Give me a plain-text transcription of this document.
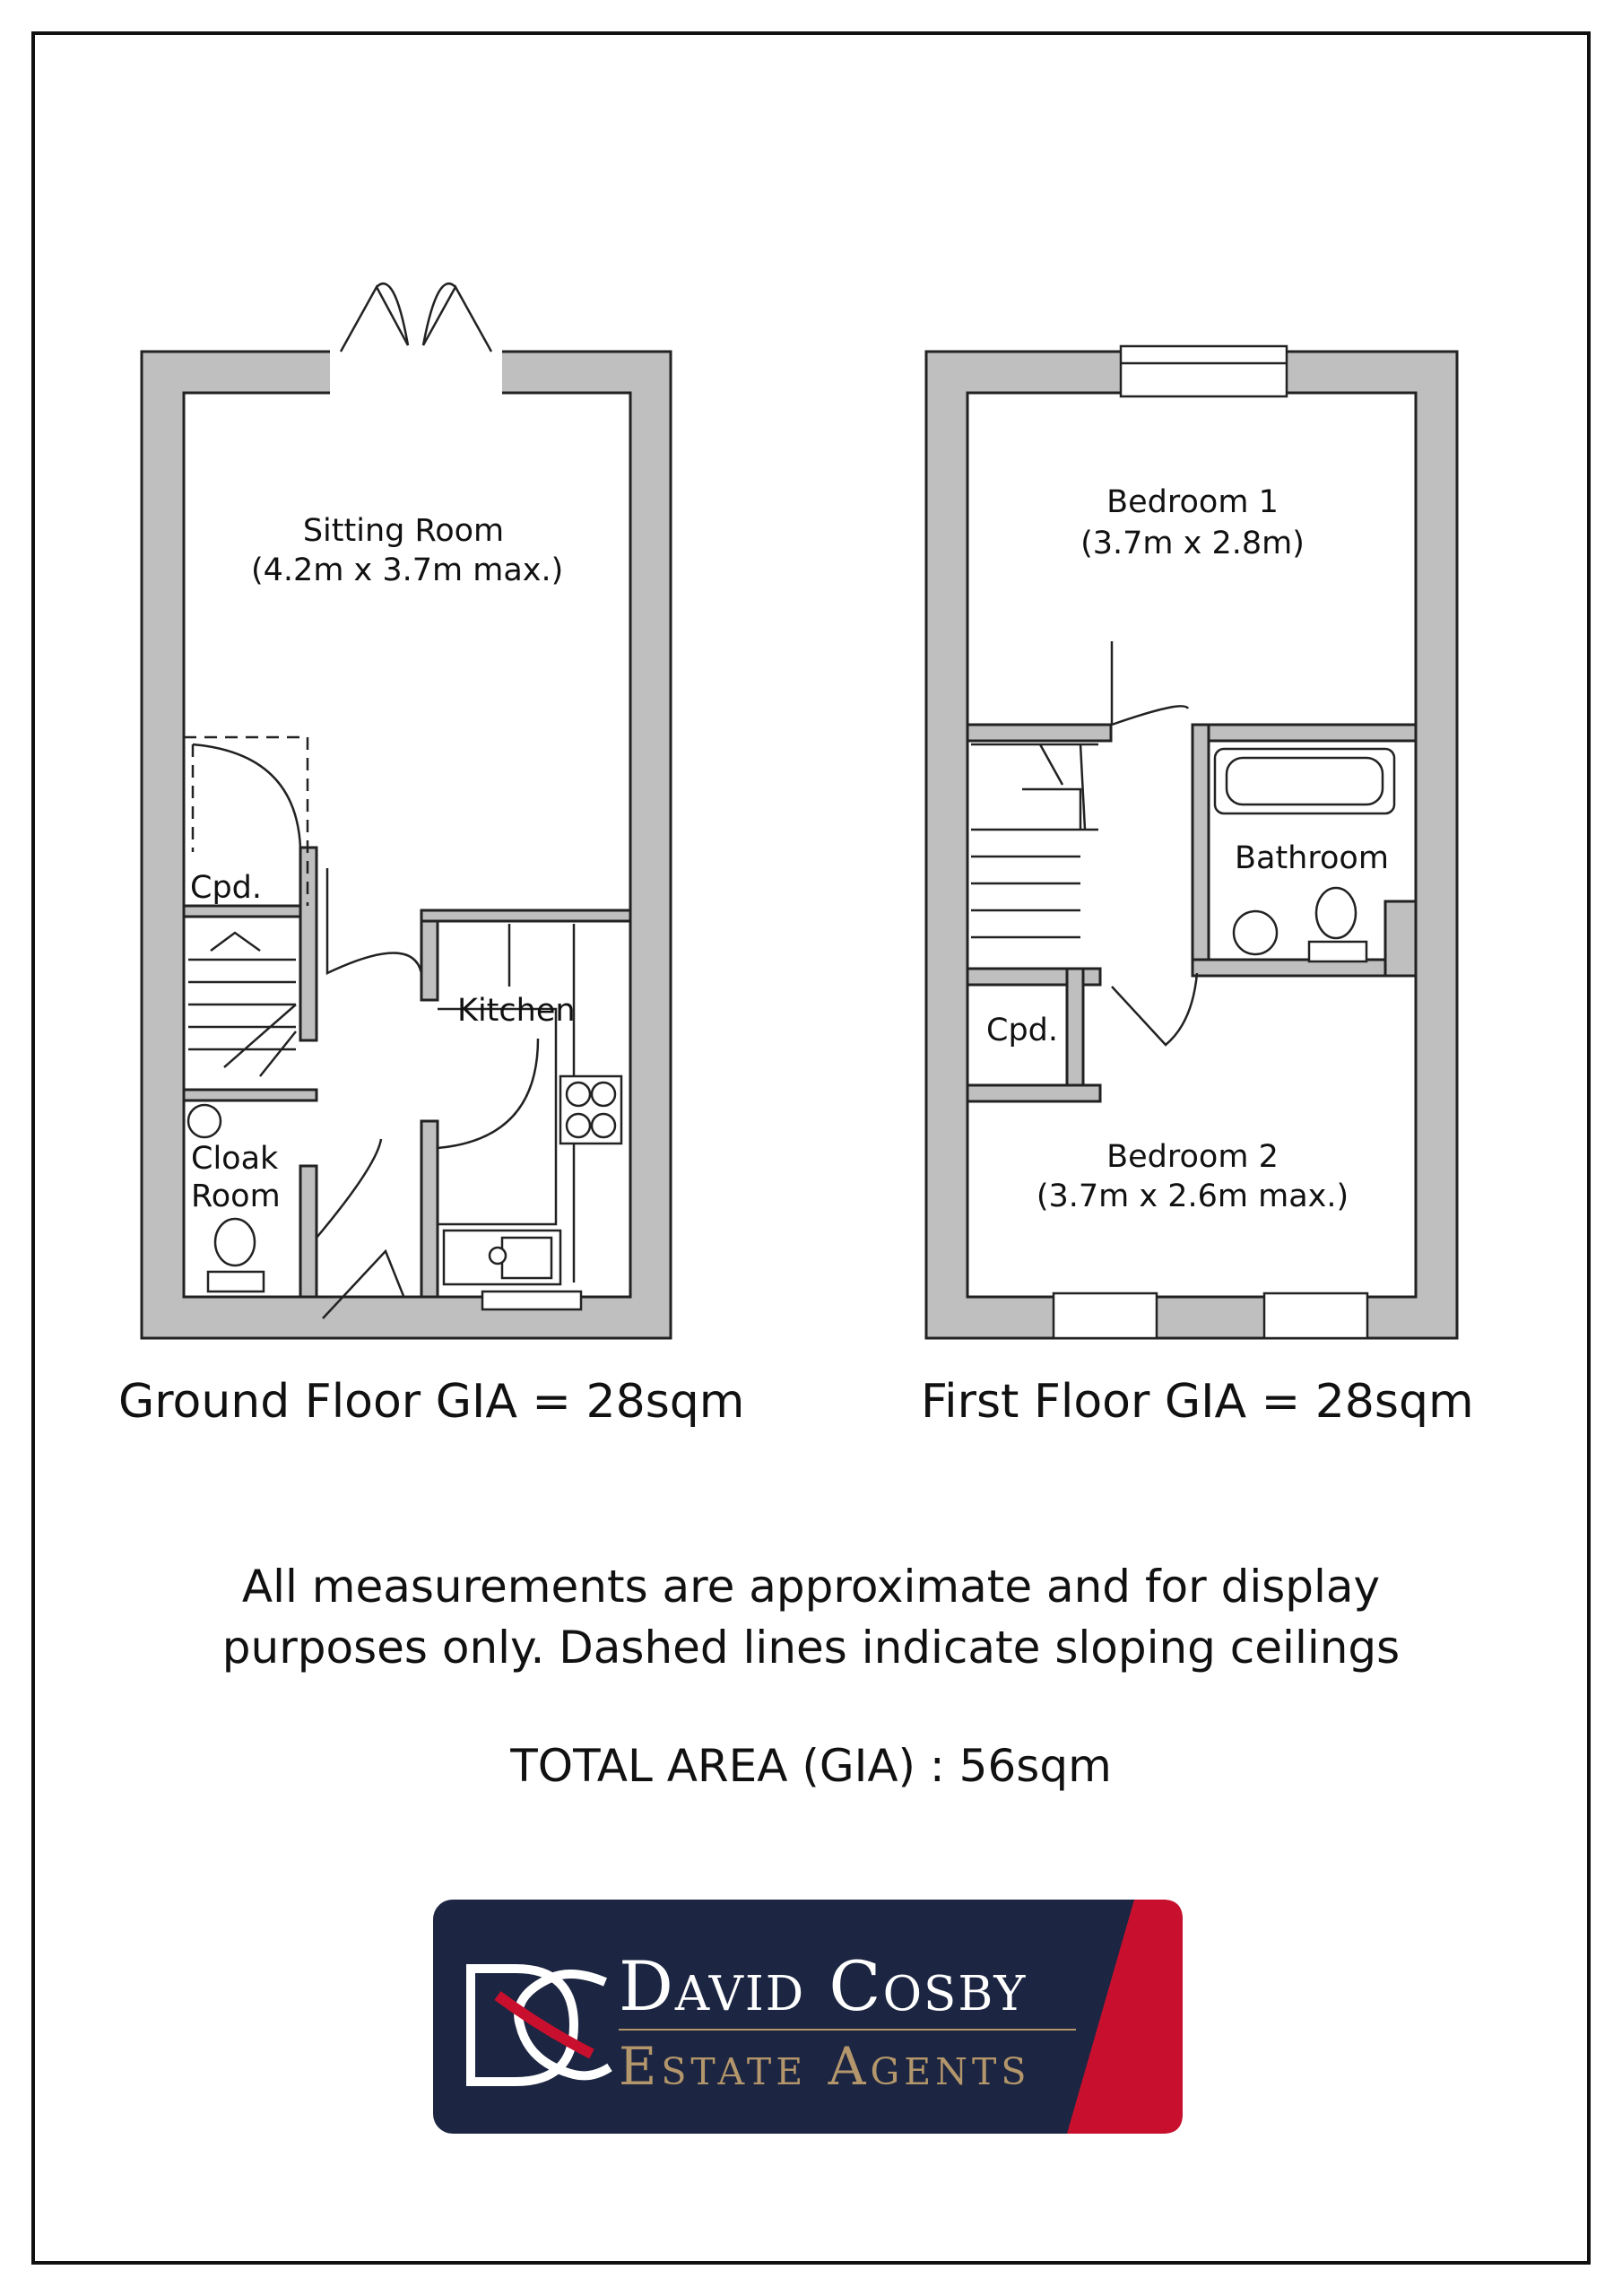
Sitting Room
(4.2m x 3.7m max.)
Cpd.
Kitchen
Cloak
Room
Bedroom 1
(3.7m x 2.8m)
Bathroom
Cpd.
Bedroom 2
(3.7m x 2.6m max.)
Ground Floor GIA = 28sqm	First Floor GIA = 28sqm
All measurements are approximate and for display
purposes only. Dashed lines indicate sloping ceilings
TOTAL AREA (GIA) : 56sqm
David Cosby
Estate Agents
